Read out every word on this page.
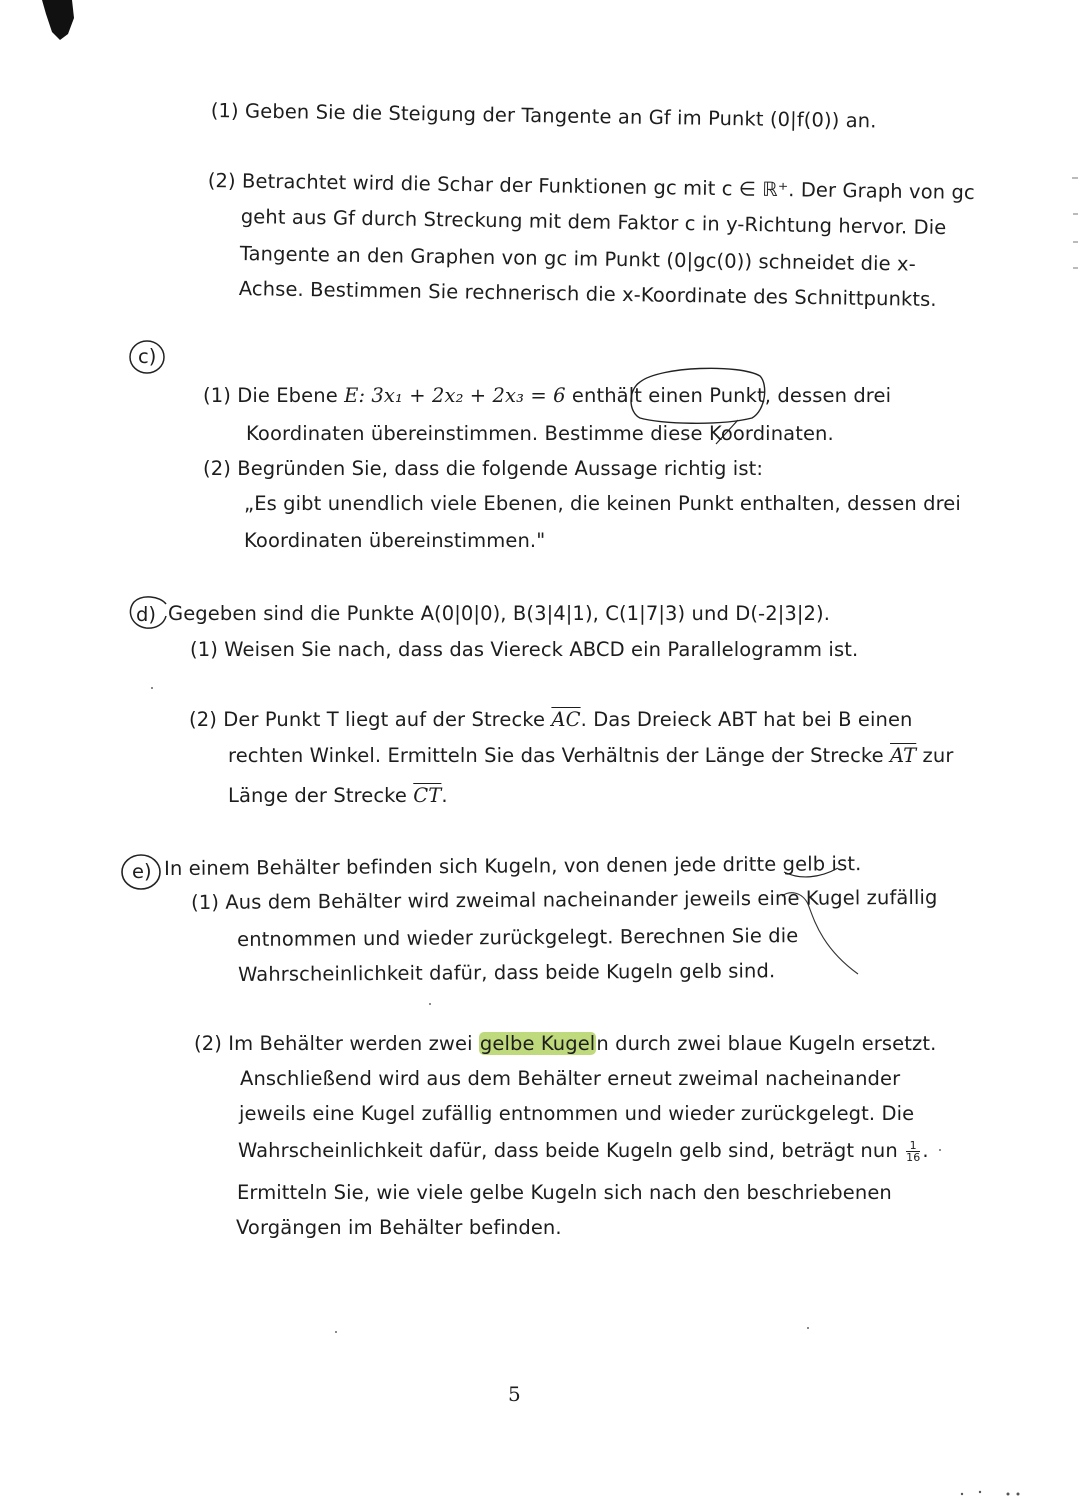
(1) Geben Sie die Steigung der Tangente an Gf im Punkt (0|f(0)) an.
(2) Betrachtet wird die Schar der Funktionen gc mit c ∈ ℝ⁺. Der Graph von gc
geht aus Gf durch Streckung mit dem Faktor c in y-Richtung hervor. Die
Tangente an den Graphen von gc im Punkt (0|gc(0)) schneidet die x-
Achse. Bestimmen Sie rechnerisch die x-Koordinate des Schnittpunkts.
c)
(1) Die Ebene E: 3x₁ + 2x₂ + 2x₃ = 6 enthält einen Punkt, dessen drei
Koordinaten übereinstimmen. Bestimme diese Koordinaten.
(2) Begründen Sie, dass die folgende Aussage richtig ist:
„Es gibt unendlich viele Ebenen, die keinen Punkt enthalten, dessen drei
Koordinaten übereinstimmen."
d) Gegeben sind die Punkte A(0|0|0), B(3|4|1), C(1|7|3) und D(-2|3|2).
(1) Weisen Sie nach, dass das Viereck ABCD ein Parallelogramm ist.
(2) Der Punkt T liegt auf der Strecke $\overline{AC}$. Das Dreieck ABT hat bei B einen
rechten Winkel. Ermitteln Sie das Verhältnis der Länge der Strecke $\overline{AT}$ zur
Länge der Strecke $\overline{CT}$.
e) In einem Behälter befinden sich Kugeln, von denen jede dritte gelb ist.
(1) Aus dem Behälter wird zweimal nacheinander jeweils eine Kugel zufällig
entnommen und wieder zurückgelegt. Berechnen Sie die
Wahrscheinlichkeit dafür, dass beide Kugeln gelb sind.
(2) Im Behälter werden zwei gelbe Kugeln durch zwei blaue Kugeln ersetzt.
Anschließend wird aus dem Behälter erneut zweimal nacheinander
jeweils eine Kugel zufällig entnommen und wieder zurückgelegt. Die
Wahrscheinlichkeit dafür, dass beide Kugeln gelb sind, beträgt nun $\frac{1}{16}$ .
Ermitteln Sie, wie viele gelbe Kugeln sich nach den beschriebenen
Vorgängen im Behälter befinden.
5
